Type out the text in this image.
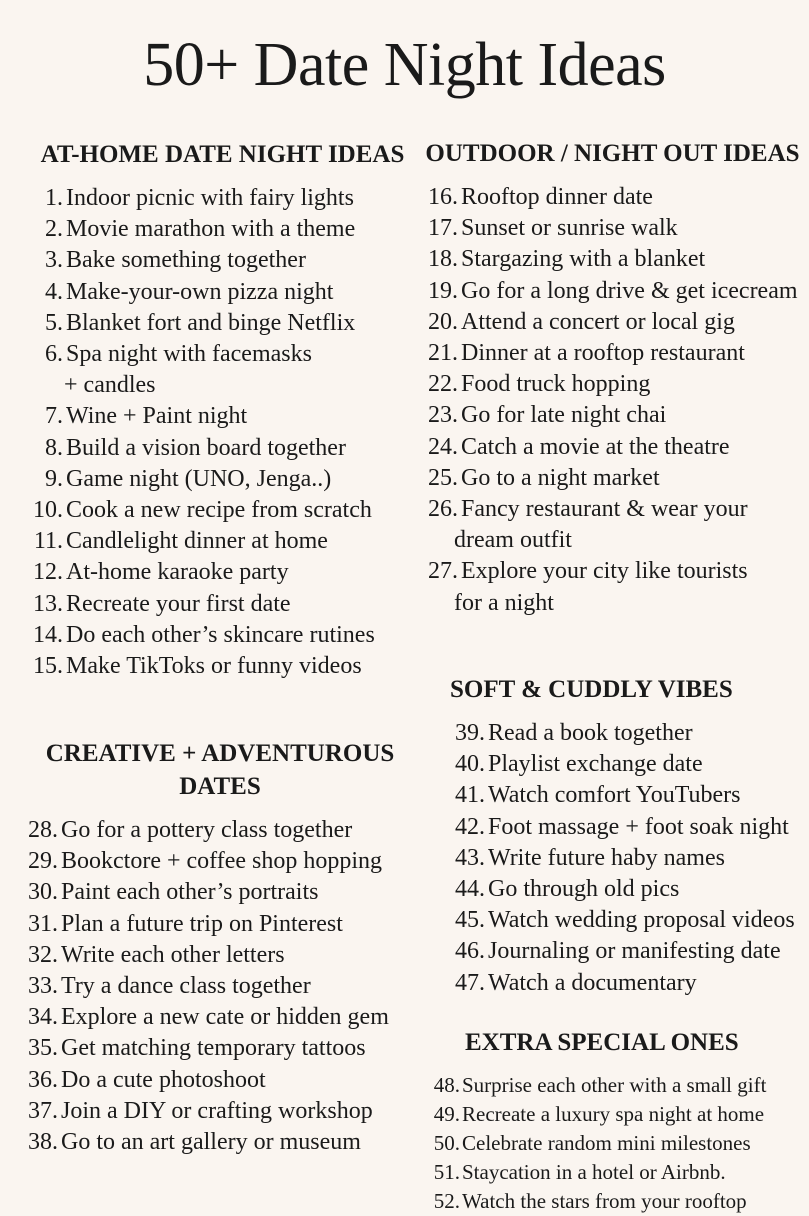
50+ Date Night Ideas
AT-HOME DATE NIGHT IDEAS
1. Indoor picnic with fairy lights
2. Movie marathon with a theme
3. Bake something together
4. Make-your-own pizza night
5. Blanket fort and binge Netflix
6. Spa night with facemasks
+ candles
7. Wine + Paint night
8. Build a vision board together
9. Game night (UNO, Jenga..)
10. Cook a new recipe from scratch
11. Candlelight dinner at home
12. At-home karaoke party
13. Recreate your first date
14. Do each other’s skincare rutines
15. Make TikToks or funny videos
OUTDOOR / NIGHT OUT IDEAS
16. Rooftop dinner date
17. Sunset or sunrise walk
18. Stargazing with a blanket
19. Go for a long drive & get icecream
20. Attend a concert or local gig
21. Dinner at a rooftop restaurant
22. Food truck hopping
23. Go for late night chai
24. Catch a movie at the theatre
25. Go to a night market
26. Fancy restaurant & wear your
dream outfit
27. Explore your city like tourists
for a night
CREATIVE + ADVENTUROUS DATES
28. Go for a pottery class together
29. Bookctore + coffee shop hopping
30. Paint each other’s portraits
31. Plan a future trip on Pinterest
32. Write each other letters
33. Try a dance class together
34. Explore a new cate or hidden gem
35. Get matching temporary tattoos
36. Do a cute photoshoot
37. Join a DIY or crafting workshop
38. Go to an art gallery or museum
SOFT & CUDDLY VIBES
39. Read a book together
40. Playlist exchange date
41. Watch comfort YouTubers
42. Foot massage + foot soak night
43. Write future haby names
44. Go through old pics
45. Watch wedding proposal videos
46. Journaling or manifesting date
47. Watch a documentary
EXTRA SPECIAL ONES
48.Surprise each other with a small gift
49.Recreate a luxury spa night at home
50.Celebrate random mini milestones
51.Staycation in a hotel or Airbnb.
52.Watch the stars from your rooftop
